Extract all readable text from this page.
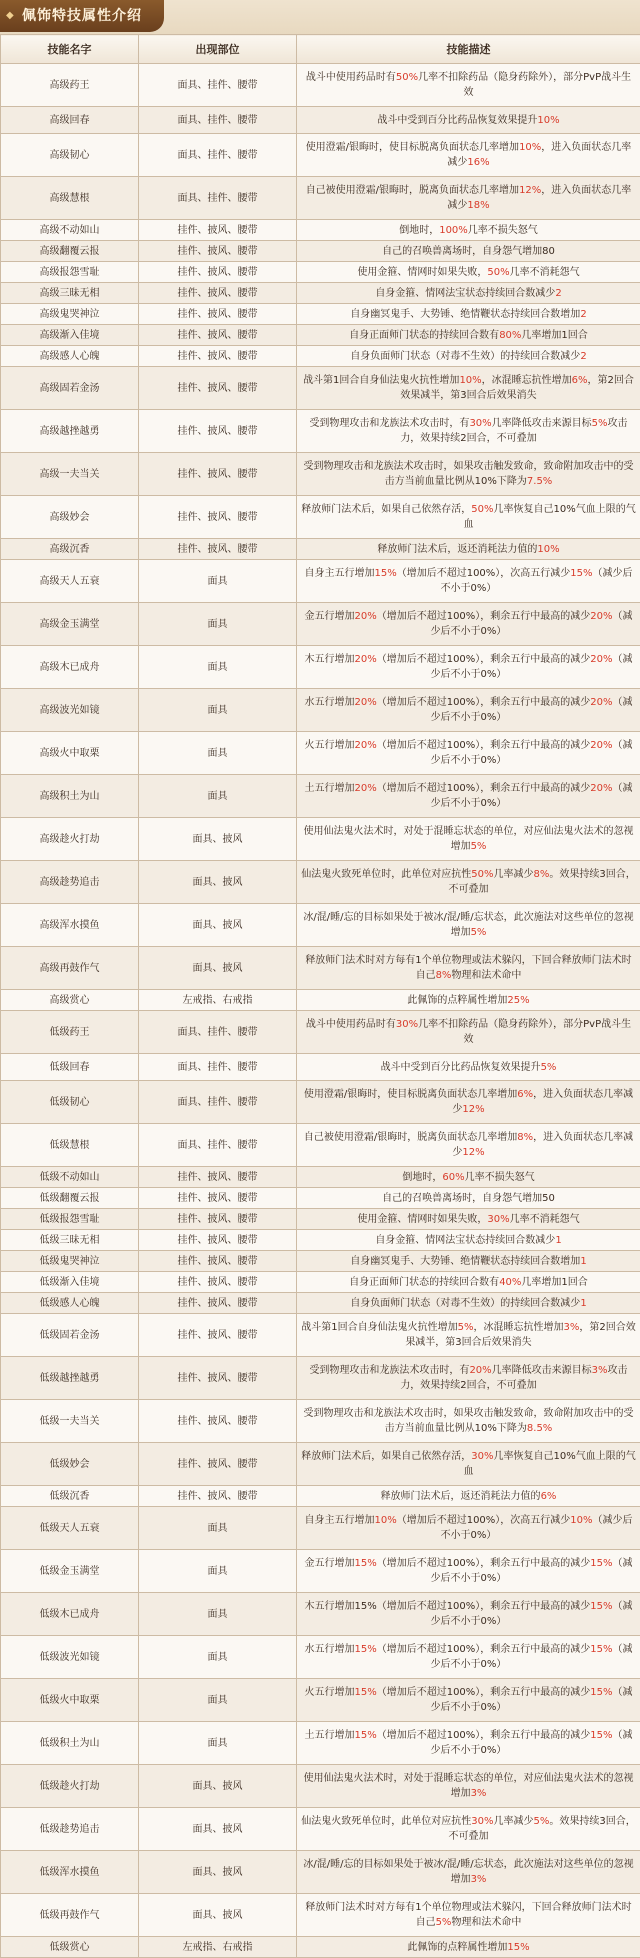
◆ 佩饰特技属性介绍
技能名字	出现部位	技能描述
高级药王	面具、挂件、腰带	战斗中使用药品时有50%几率不扣除药品（隐身药除外），部分PvP战斗生效
高级回春	面具、挂件、腰带	战斗中受到百分比药品恢复效果提升10%
高级韧心	面具、挂件、腰带	使用澄霜/银晦时，使目标脱离负面状态几率增加10%，进入负面状态几率减少16%
高级慧根	面具、挂件、腰带	自己被使用澄霜/银晦时，脱离负面状态几率增加12%，进入负面状态几率减少18%
高级不动如山	挂件、披风、腰带	倒地时，100%几率不损失怒气
高级翻覆云报	挂件、披风、腰带	自己的召唤兽离场时，自身怨气增加80
高级报怨雪耻	挂件、披风、腰带	使用金箍、情网时如果失败，50%几率不消耗怨气
高级三昧无相	挂件、披风、腰带	自身金箍、情网法宝状态持续回合数减少2
高级鬼哭神泣	挂件、披风、腰带	自身幽冥鬼手、大势锤、绝情鞭状态持续回合数增加2
高级渐入佳境	挂件、披风、腰带	自身正面师门状态的持续回合数有80%几率增加1回合
高级感人心魄	挂件、披风、腰带	自身负面师门状态（对毒不生效）的持续回合数减少2
高级固若金汤	挂件、披风、腰带	战斗第1回合自身仙法鬼火抗性增加10%，冰混睡忘抗性增加6%，第2回合效果减半，第3回合后效果消失
高级越挫越勇	挂件、披风、腰带	受到物理攻击和龙族法术攻击时，有30%几率降低攻击来源目标5%攻击力，效果持续2回合，不可叠加
高级一夫当关	挂件、披风、腰带	受到物理攻击和龙族法术攻击时，如果攻击触发致命，致命附加攻击中的受击方当前血量比例从10%下降为7.5%
高级妙会	挂件、披风、腰带	释放师门法术后，如果自己依然存活，50%几率恢复自己10%气血上限的气血
高级沉香	挂件、披风、腰带	释放师门法术后，返还消耗法力值的10%
高级天人五衰	面具	自身主五行增加15%（增加后不超过100%），次高五行减少15%（减少后不小于0%）
高级金玉满堂	面具	金五行增加20%（增加后不超过100%），剩余五行中最高的减少20%（减少后不小于0%）
高级木已成舟	面具	木五行增加20%（增加后不超过100%），剩余五行中最高的减少20%（减少后不小于0%）
高级波光如镜	面具	水五行增加20%（增加后不超过100%），剩余五行中最高的减少20%（减少后不小于0%）
高级火中取栗	面具	火五行增加20%（增加后不超过100%），剩余五行中最高的减少20%（减少后不小于0%）
高级积土为山	面具	土五行增加20%（增加后不超过100%），剩余五行中最高的减少20%（减少后不小于0%）
高级趁火打劫	面具、披风	使用仙法鬼火法术时，对处于混睡忘状态的单位，对应仙法鬼火法术的忽视增加5%
高级趁势追击	面具、披风	仙法鬼火致死单位时，此单位对应抗性50%几率减少8%。效果持续3回合，不可叠加
高级浑水摸鱼	面具、披风	冰/混/睡/忘的目标如果处于被冰/混/睡/忘状态，此次施法对这些单位的忽视增加5%
高级再鼓作气	面具、披风	释放师门法术时对方每有1个单位物理或法术躲闪，下回合释放师门法术时自己8%物理和法术命中
高级赏心	左戒指、右戒指	此佩饰的点粹属性增加25%
低级药王	面具、挂件、腰带	战斗中使用药品时有30%几率不扣除药品（隐身药除外），部分PvP战斗生效
低级回春	面具、挂件、腰带	战斗中受到百分比药品恢复效果提升5%
低级韧心	面具、挂件、腰带	使用澄霜/银晦时，使目标脱离负面状态几率增加6%，进入负面状态几率减少12%
低级慧根	面具、挂件、腰带	自己被使用澄霜/银晦时，脱离负面状态几率增加8%，进入负面状态几率减少12%
低级不动如山	挂件、披风、腰带	倒地时，60%几率不损失怒气
低级翻覆云报	挂件、披风、腰带	自己的召唤兽离场时，自身怨气增加50
低级报怨雪耻	挂件、披风、腰带	使用金箍、情网时如果失败，30%几率不消耗怨气
低级三昧无相	挂件、披风、腰带	自身金箍、情网法宝状态持续回合数减少1
低级鬼哭神泣	挂件、披风、腰带	自身幽冥鬼手、大势锤、绝情鞭状态持续回合数增加1
低级渐入佳境	挂件、披风、腰带	自身正面师门状态的持续回合数有40%几率增加1回合
低级感人心魄	挂件、披风、腰带	自身负面师门状态（对毒不生效）的持续回合数减少1
低级固若金汤	挂件、披风、腰带	战斗第1回合自身仙法鬼火抗性增加5%，冰混睡忘抗性增加3%，第2回合效果减半，第3回合后效果消失
低级越挫越勇	挂件、披风、腰带	受到物理攻击和龙族法术攻击时，有20%几率降低攻击来源目标3%攻击力，效果持续2回合，不可叠加
低级一夫当关	挂件、披风、腰带	受到物理攻击和龙族法术攻击时，如果攻击触发致命，致命附加攻击中的受击方当前血量比例从10%下降为8.5%
低级妙会	挂件、披风、腰带	释放师门法术后，如果自己依然存活，30%几率恢复自己10%气血上限的气血
低级沉香	挂件、披风、腰带	释放师门法术后，返还消耗法力值的6%
低级天人五衰	面具	自身主五行增加10%（增加后不超过100%），次高五行减少10%（减少后不小于0%）
低级金玉满堂	面具	金五行增加15%（增加后不超过100%），剩余五行中最高的减少15%（减少后不小于0%）
低级木已成舟	面具	木五行增加15%（增加后不超过100%），剩余五行中最高的减少15%（减少后不小于0%）
低级波光如镜	面具	水五行增加15%（增加后不超过100%），剩余五行中最高的减少15%（减少后不小于0%）
低级火中取栗	面具	火五行增加15%（增加后不超过100%），剩余五行中最高的减少15%（减少后不小于0%）
低级积土为山	面具	土五行增加15%（增加后不超过100%），剩余五行中最高的减少15%（减少后不小于0%）
低级趁火打劫	面具、披风	使用仙法鬼火法术时，对处于混睡忘状态的单位，对应仙法鬼火法术的忽视增加3%
低级趁势追击	面具、披风	仙法鬼火致死单位时，此单位对应抗性30%几率减少5%。效果持续3回合，不可叠加
低级浑水摸鱼	面具、披风	冰/混/睡/忘的目标如果处于被冰/混/睡/忘状态，此次施法对这些单位的忽视增加3%
低级再鼓作气	面具、披风	释放师门法术时对方每有1个单位物理或法术躲闪，下回合释放师门法术时自己5%物理和法术命中
低级赏心	左戒指、右戒指	此佩饰的点粹属性增加15%
